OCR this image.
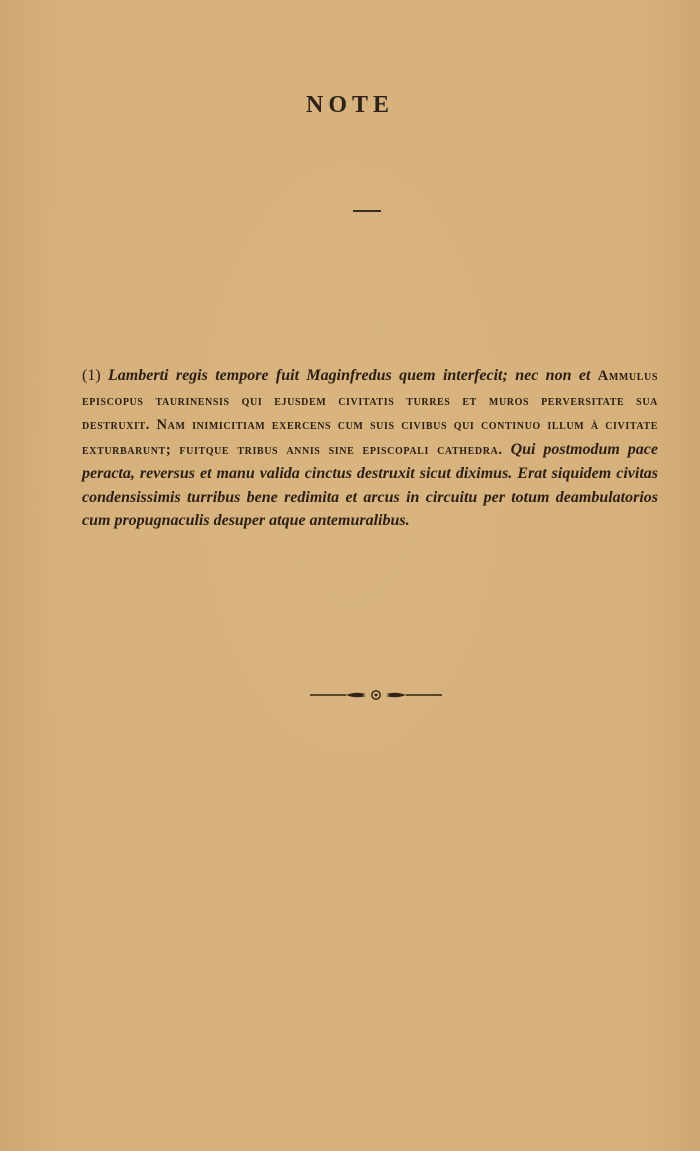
NOTE
(1) Lamberti regis tempore fuit Maginfredus quem interfecit; nec non et Ammulus episcopus taurinensis qui ejusdem civitatis turres et muros perversitate sua destruxit. Nam inimicitiam exercens cum suis civibus qui continuo illum à civitate exturbarunt; fuitque tribus annis sine episcopali cathedra. Qui postmodum pace peracta, reversus et manu valida cinctus destruxit sicut diximus. Erat siquidem civitas condensissimis turribus bene redimita et arcus in circuitu per totum deambulatorios cum propugnaculis desuper atque antemuralibus.
